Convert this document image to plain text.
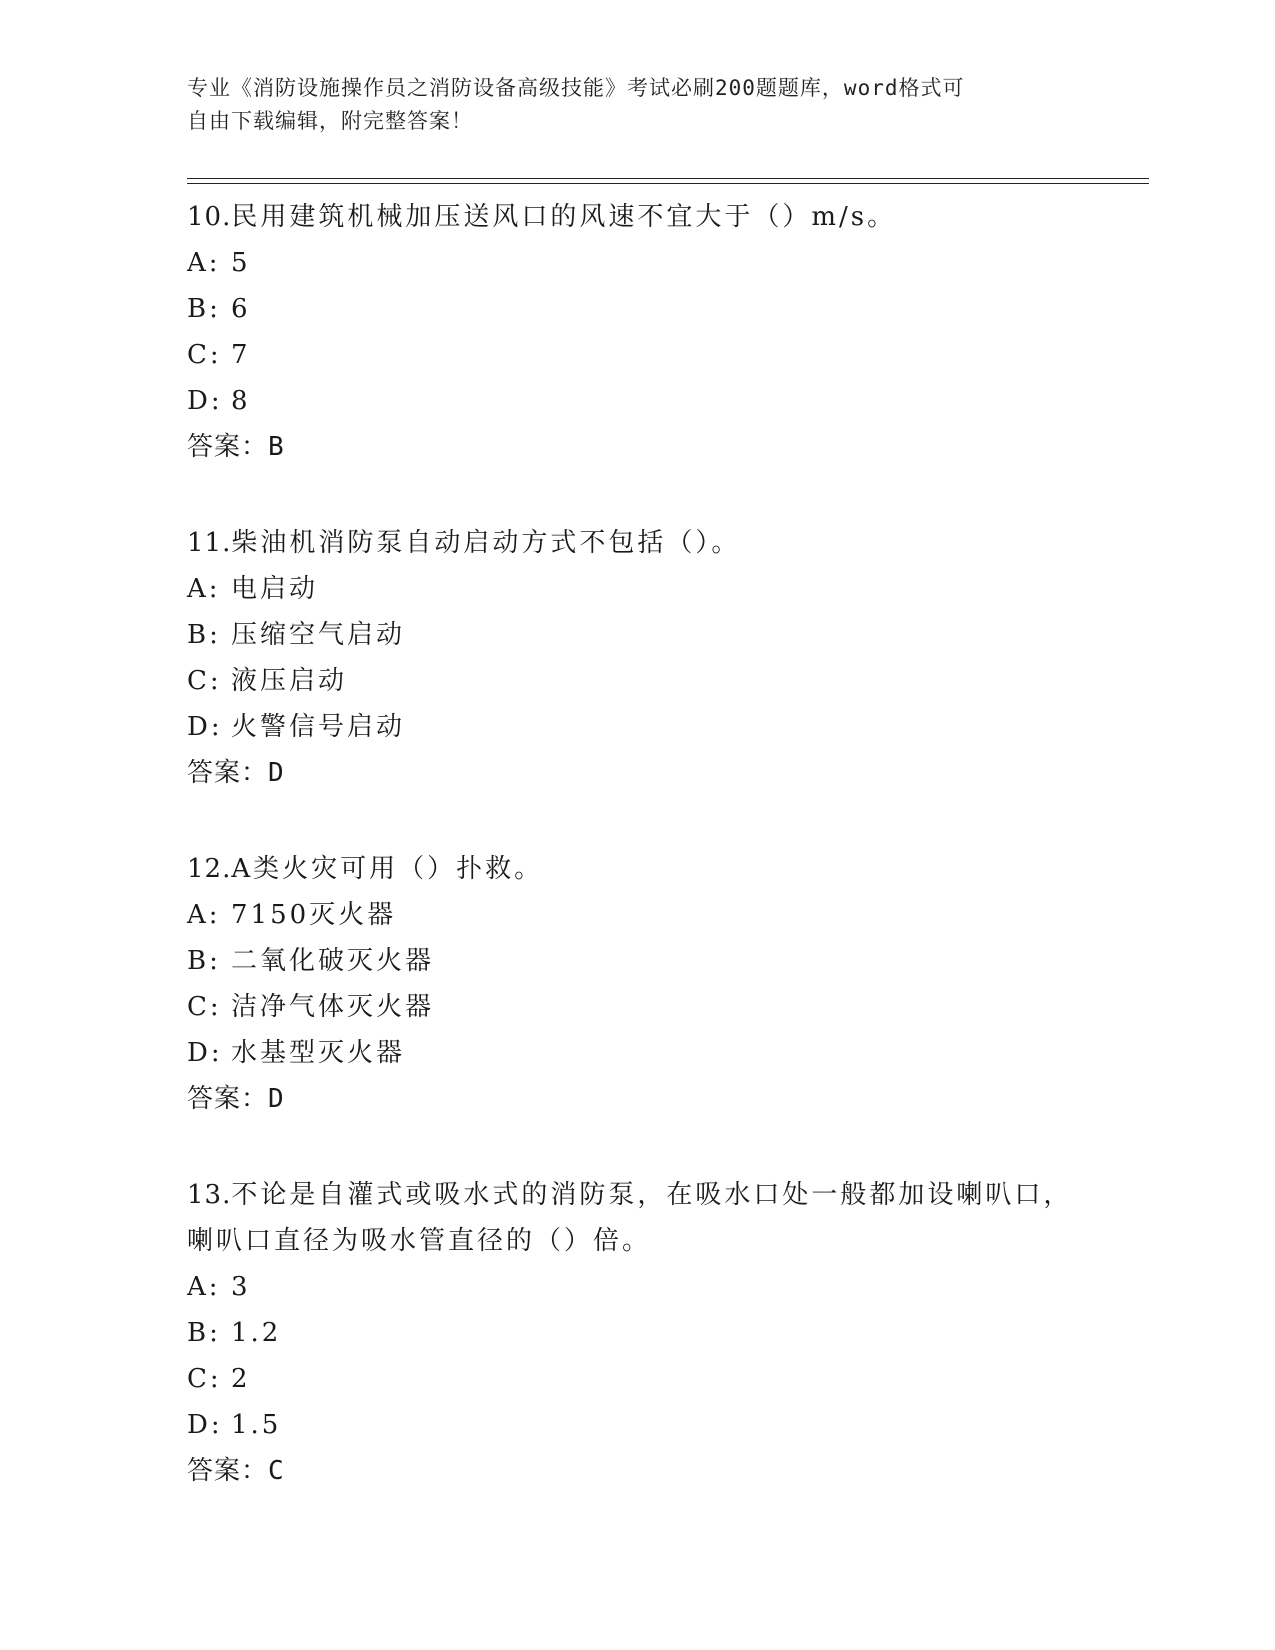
专业《消防设施操作员之消防设备高级技能》考试必刷200题题库，word格式可
自由下载编辑，附完整答案！

10.民用建筑机械加压送风口的风速不宜大于（）m/s。

A: 5

B: 6

C: 7

D: 8

答案：B

11.柴油机消防泵自动启动方式不包括（）。

A: 电启动

B: 压缩空气启动

C: 液压启动

D: 火警信号启动

答案：D

12.A类火灾可用（）扑救。

A: 7150灭火器

B: 二氧化破灭火器

C: 洁净气体灭火器

D: 水基型灭火器

答案：D

13.不论是自灌式或吸水式的消防泵，在吸水口处一般都加设喇叭口，

喇叭口直径为吸水管直径的（）倍。

A: 3

B: 1.2

C: 2

D: 1.5

答案：C
